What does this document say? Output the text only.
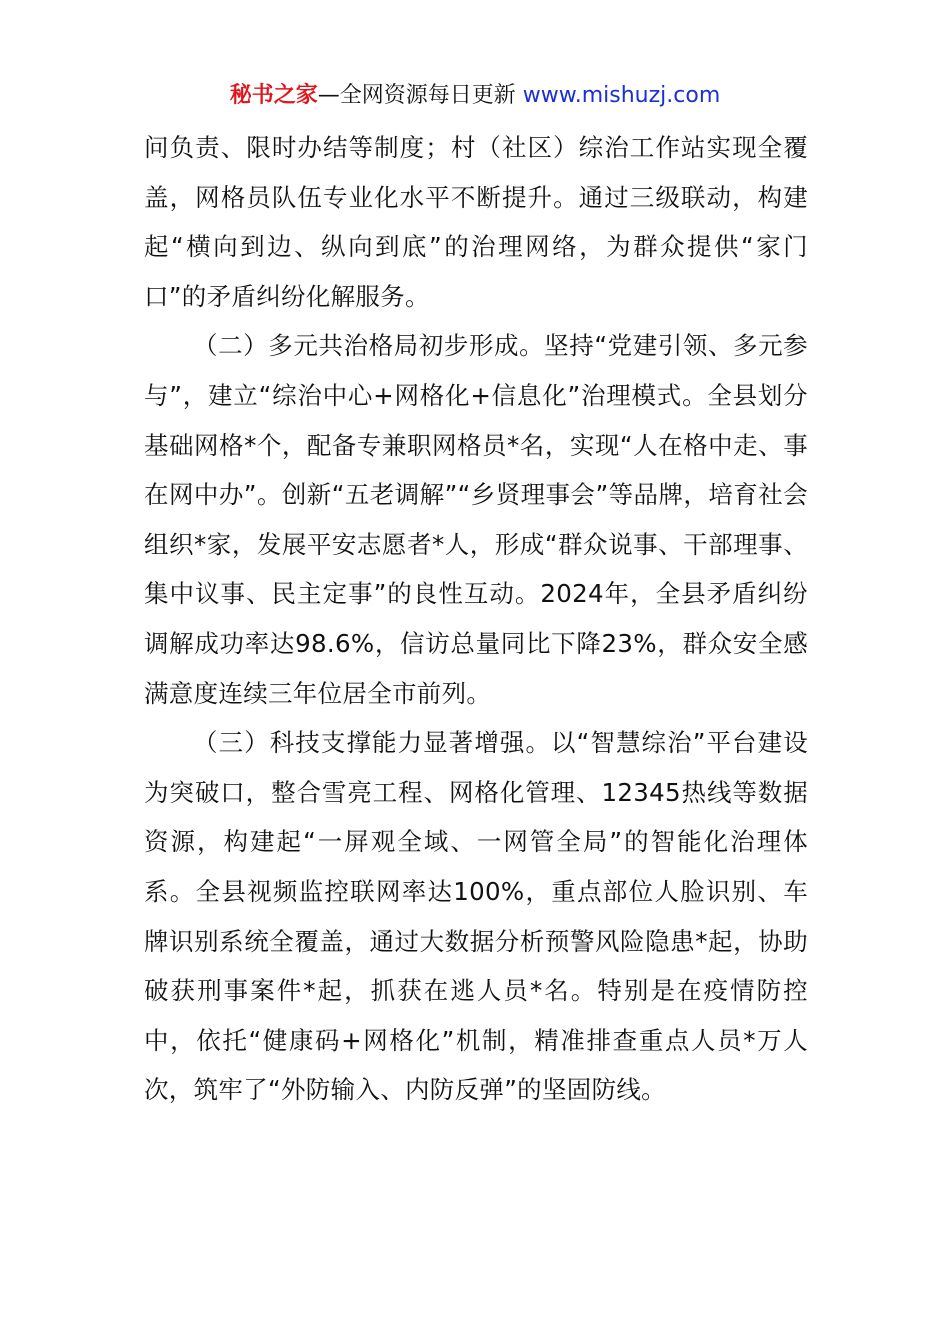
秘书之家—全网资源每日更新 www.mishuzj.com

问负责、限时办结等制度；村（社区）综治工作站实现全覆盖，网格员队伍专业化水平不断提升。通过三级联动，构建起“横向到边、纵向到底”的治理网络，为群众提供“家门口”的矛盾纠纷化解服务。

（二）多元共治格局初步形成。坚持“党建引领、多元参与”，建立“综治中心+网格化+信息化”治理模式。全县划分基础网格*个，配备专兼职网格员*名，实现“人在格中走、事在网中办”。创新“五老调解”“乡贤理事会”等品牌，培育社会组织*家，发展平安志愿者*人，形成“群众说事、干部理事、集中议事、民主定事”的良性互动。2024年，全县矛盾纠纷调解成功率达98.6%，信访总量同比下降23%，群众安全感满意度连续三年位居全市前列。

（三）科技支撑能力显著增强。以“智慧综治”平台建设为突破口，整合雪亮工程、网格化管理、12345热线等数据资源，构建起“一屏观全域、一网管全局”的智能化治理体系。全县视频监控联网率达100%，重点部位人脸识别、车牌识别系统全覆盖，通过大数据分析预警风险隐患*起，协助破获刑事案件*起，抓获在逃人员*名。特别是在疫情防控中，依托“健康码+网格化”机制，精准排查重点人员*万人次，筑牢了“外防输入、内防反弹”的坚固防线。
